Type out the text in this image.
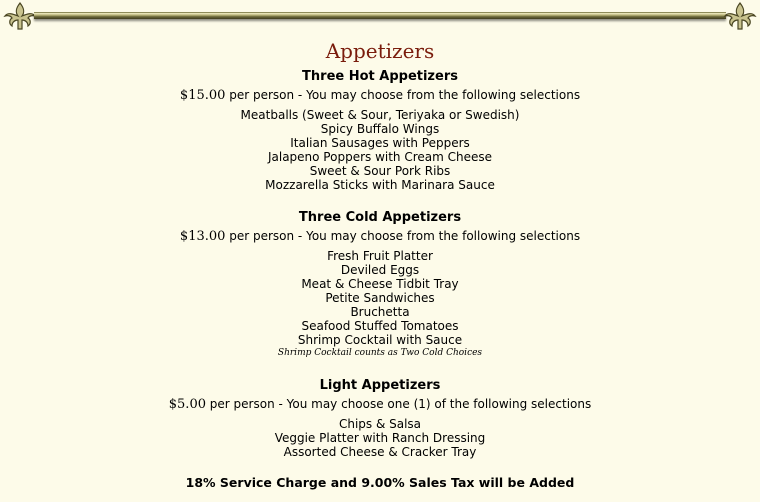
Appetizers

Three Hot Appetizers

$15.00 per person - You may choose from the following selections

Meatballs (Sweet & Sour, Teriyaka or Swedish)

Spicy Buffalo Wings

Italian Sausages with Peppers

Jalapeno Poppers with Cream Cheese

Sweet & Sour Pork Ribs

Mozzarella Sticks with Marinara Sauce

Three Cold Appetizers

$13.00 per person - You may choose from the following selections

Fresh Fruit Platter

Deviled Eggs

Meat & Cheese Tidbit Tray

Petite Sandwiches

Bruchetta

Seafood Stuffed Tomatoes

Shrimp Cocktail with Sauce

Shrimp Cocktail counts as Two Cold Choices

Light Appetizers

$5.00 per person - You may choose one (1) of the following selections

Chips & Salsa

Veggie Platter with Ranch Dressing

Assorted Cheese & Cracker Tray

18% Service Charge and 9.00% Sales Tax will be Added
